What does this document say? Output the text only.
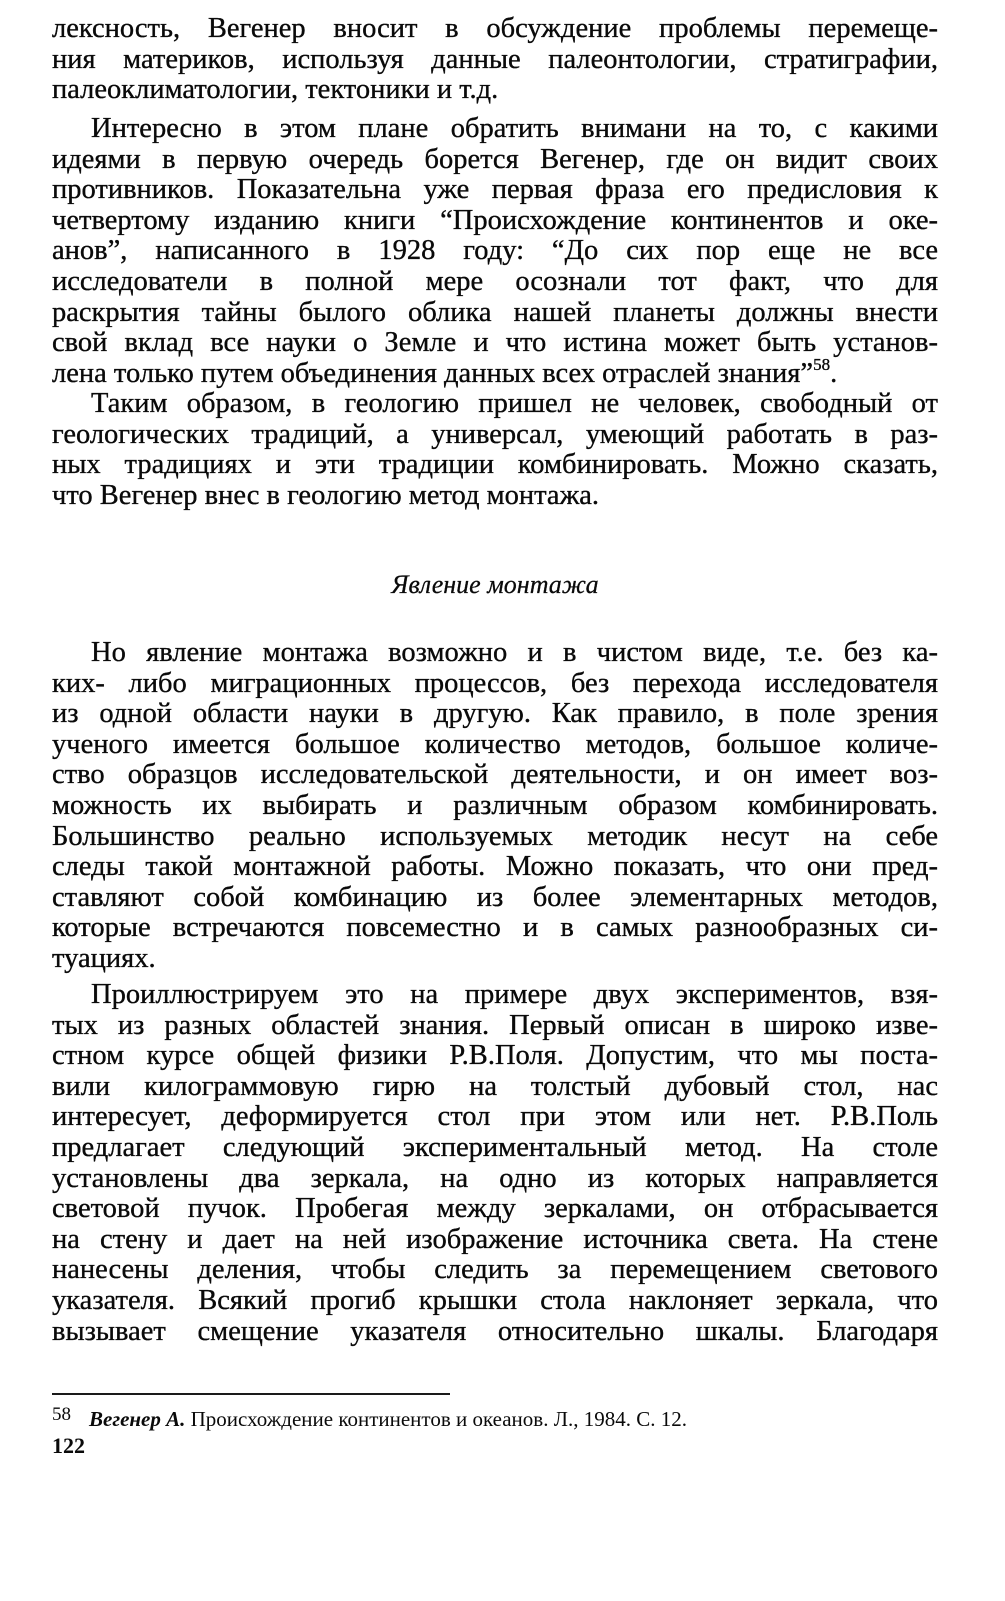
лексность, Вегенер вносит в обсуждение проблемы перемеще-
ния материков, используя данные палеонтологии, стратиграфии,
палеоклиматологии, тектоники и т.д.
Интересно в этом плане обратить внимани на то, с какими
идеями в первую очередь борется Вегенер, где он видит своих
противников. Показательна уже первая фраза его предисловия к
четвертому изданию книги “Происхождение континентов и оке-
анов”, написанного в 1928 году: “До сих пор еще не все
исследователи в полной мере осознали тот факт, что для
раскрытия тайны былого облика нашей планеты должны внести
свой вклад все науки о Земле и что истина может быть установ-
лена только путем объединения данных всех отраслей знания”$^{58}$.
Таким образом, в геологию пришел не человек, свободный от
геологических традиций, а универсал, умеющий работать в раз-
ных традициях и эти традиции комбинировать. Можно сказать,
что Вегенер внес в геологию метод монтажа.
Явление монтажа
Но явление монтажа возможно и в чистом виде, т.е. без ка-
ких- либо миграционных процессов, без перехода исследователя
из одной области науки в другую. Как правило, в поле зрения
ученого имеется большое количество методов, большое количе-
ство образцов исследовательской деятельности, и он имеет воз-
можность их выбирать и различным образом комбинировать.
Большинство реально используемых методик несут на себе
следы такой монтажной работы. Можно показать, что они пред-
ставляют собой комбинацию из более элементарных методов,
которые встречаются повсеместно и в самых разнообразных си-
туациях.
Проиллюстрируем это на примере двух экспериментов, взя-
тых из разных областей знания. Первый описан в широко изве-
стном курсе общей физики Р.В.Поля. Допустим, что мы поста-
вили килограммовую гирю на толстый дубовый стол, нас
интересует, деформируется стол при этом или нет. Р.В.Поль
предлагает следующий экспериментальный метод. На столе
установлены два зеркала, на одно из которых направляется
световой пучок. Пробегая между зеркалами, он отбрасывается
на стену и дает на ней изображение источника света. На стене
нанесены деления, чтобы следить за перемещением светового
указателя. Всякий прогиб крышки стола наклоняет зеркала, что
вызывает смещение указателя относительно шкалы. Благодаря
58 Вегенер А. Происхождение континентов и океанов. Л., 1984. С. 12.
122
